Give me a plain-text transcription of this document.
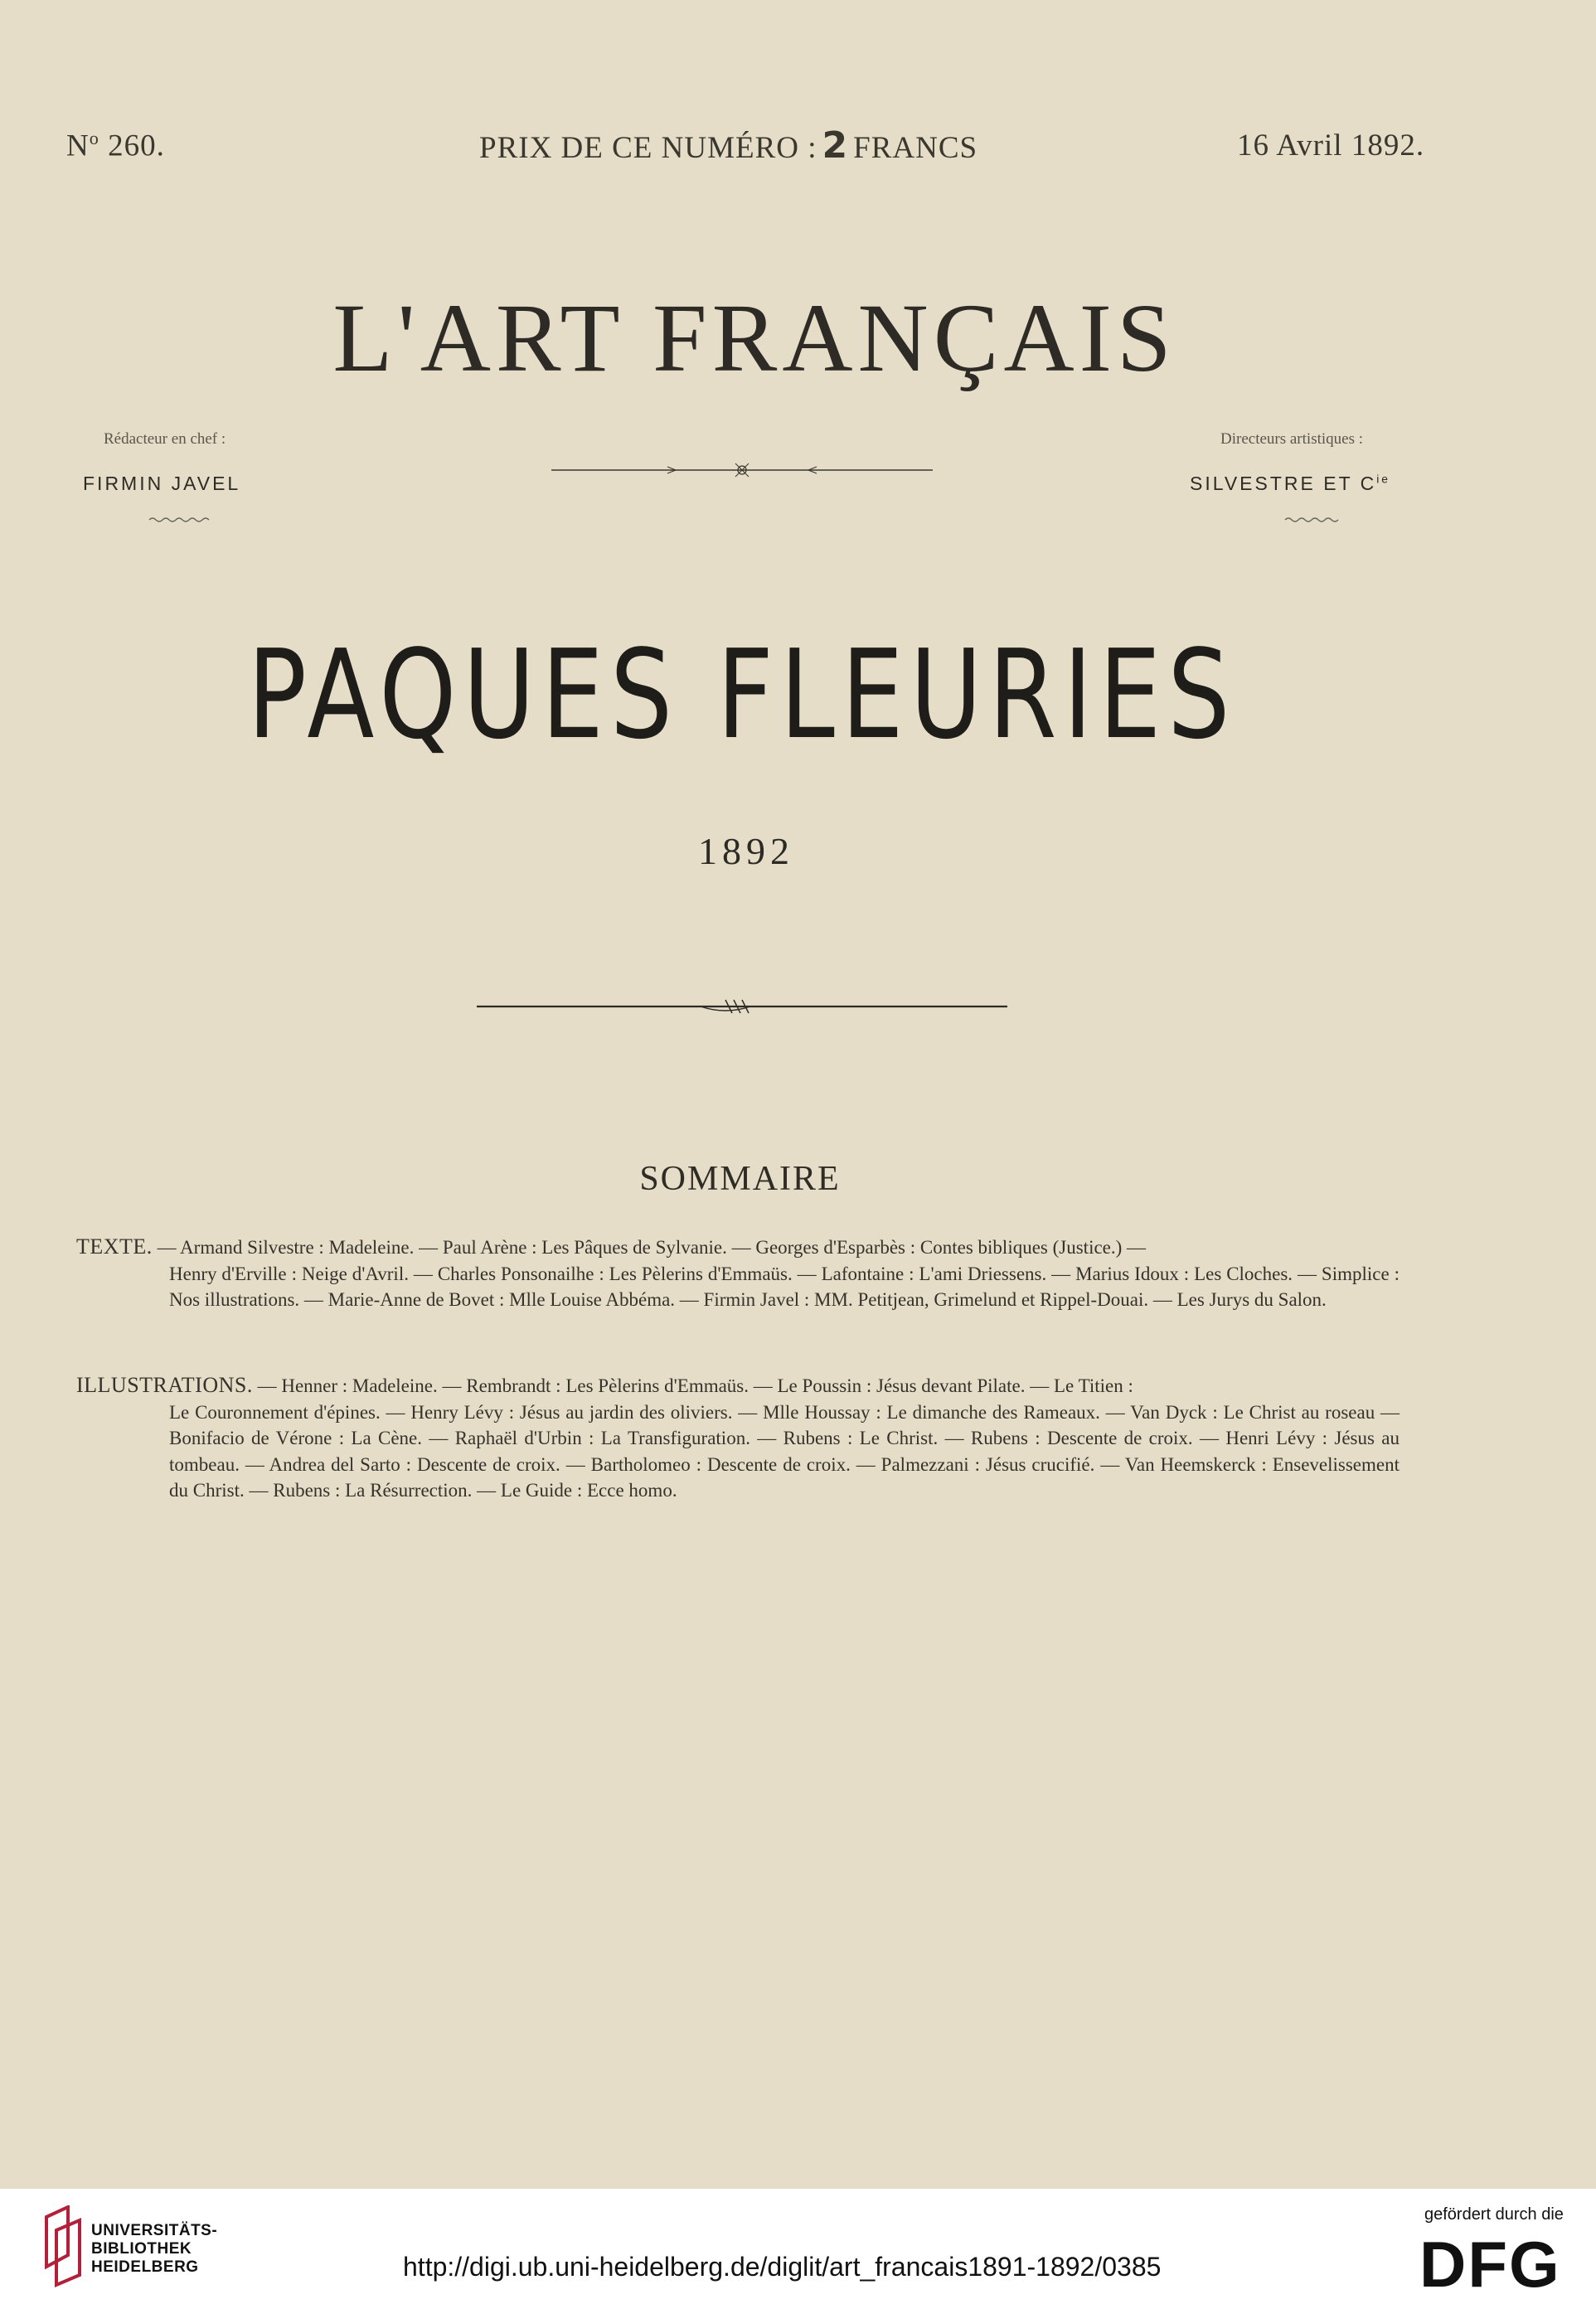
$N^o$ 260.	PRIX DE CE NUMÉRO : 2 FRANCS	16 Avril 1892.
L'ART FRANÇAIS
Rédacteur en chef :
FIRMIN JAVEL
Directeurs artistiques :
SILVESTRE ET $C^{ie}$
PAQUES FLEURIES
1892
SOMMAIRE
TEXTE. — Armand Silvestre : Madeleine. — Paul Arène : Les Pâques de Sylvanie. — Georges d'Esparbès : Contes bibliques (Justice.) —
Henry d'Erville : Neige d'Avril. — Charles Ponsonailhe : Les Pèlerins d'Emmaüs. — Lafontaine : L'ami Driessens. — Marius Idoux : Les Cloches. — Simplice : Nos illustrations. — Marie-Anne de Bovet : Mlle Louise Abbéma. — Firmin Javel : MM. Petitjean, Grimelund et Rippel-Douai. — Les Jurys du Salon.
ILLUSTRATIONS. — Henner : Madeleine. — Rembrandt : Les Pèlerins d'Emmaüs. — Le Poussin : Jésus devant Pilate. — Le Titien :
Le Couronnement d'épines. — Henry Lévy : Jésus au jardin des oliviers. — Mlle Houssay : Le dimanche des Rameaux. — Van Dyck : Le Christ au roseau — Bonifacio de Vérone : La Cène. — Raphaël d'Urbin : La Transfiguration. — Rubens : Le Christ. — Rubens : Descente de croix. — Henri Lévy : Jésus au tombeau. — Andrea del Sarto : Descente de croix. — Bartholomeo : Descente de croix. — Palmezzani : Jésus crucifié. — Van Heemskerck : Ensevelissement du Christ. — Rubens : La Résurrection. — Le Guide : Ecce homo.
UNIVERSITÄTS-
BIBLIOTHEK
HEIDELBERG	http://digi.ub.uni-heidelberg.de/diglit/art_francais1891-1892/0385
gefördert durch die
DFG
